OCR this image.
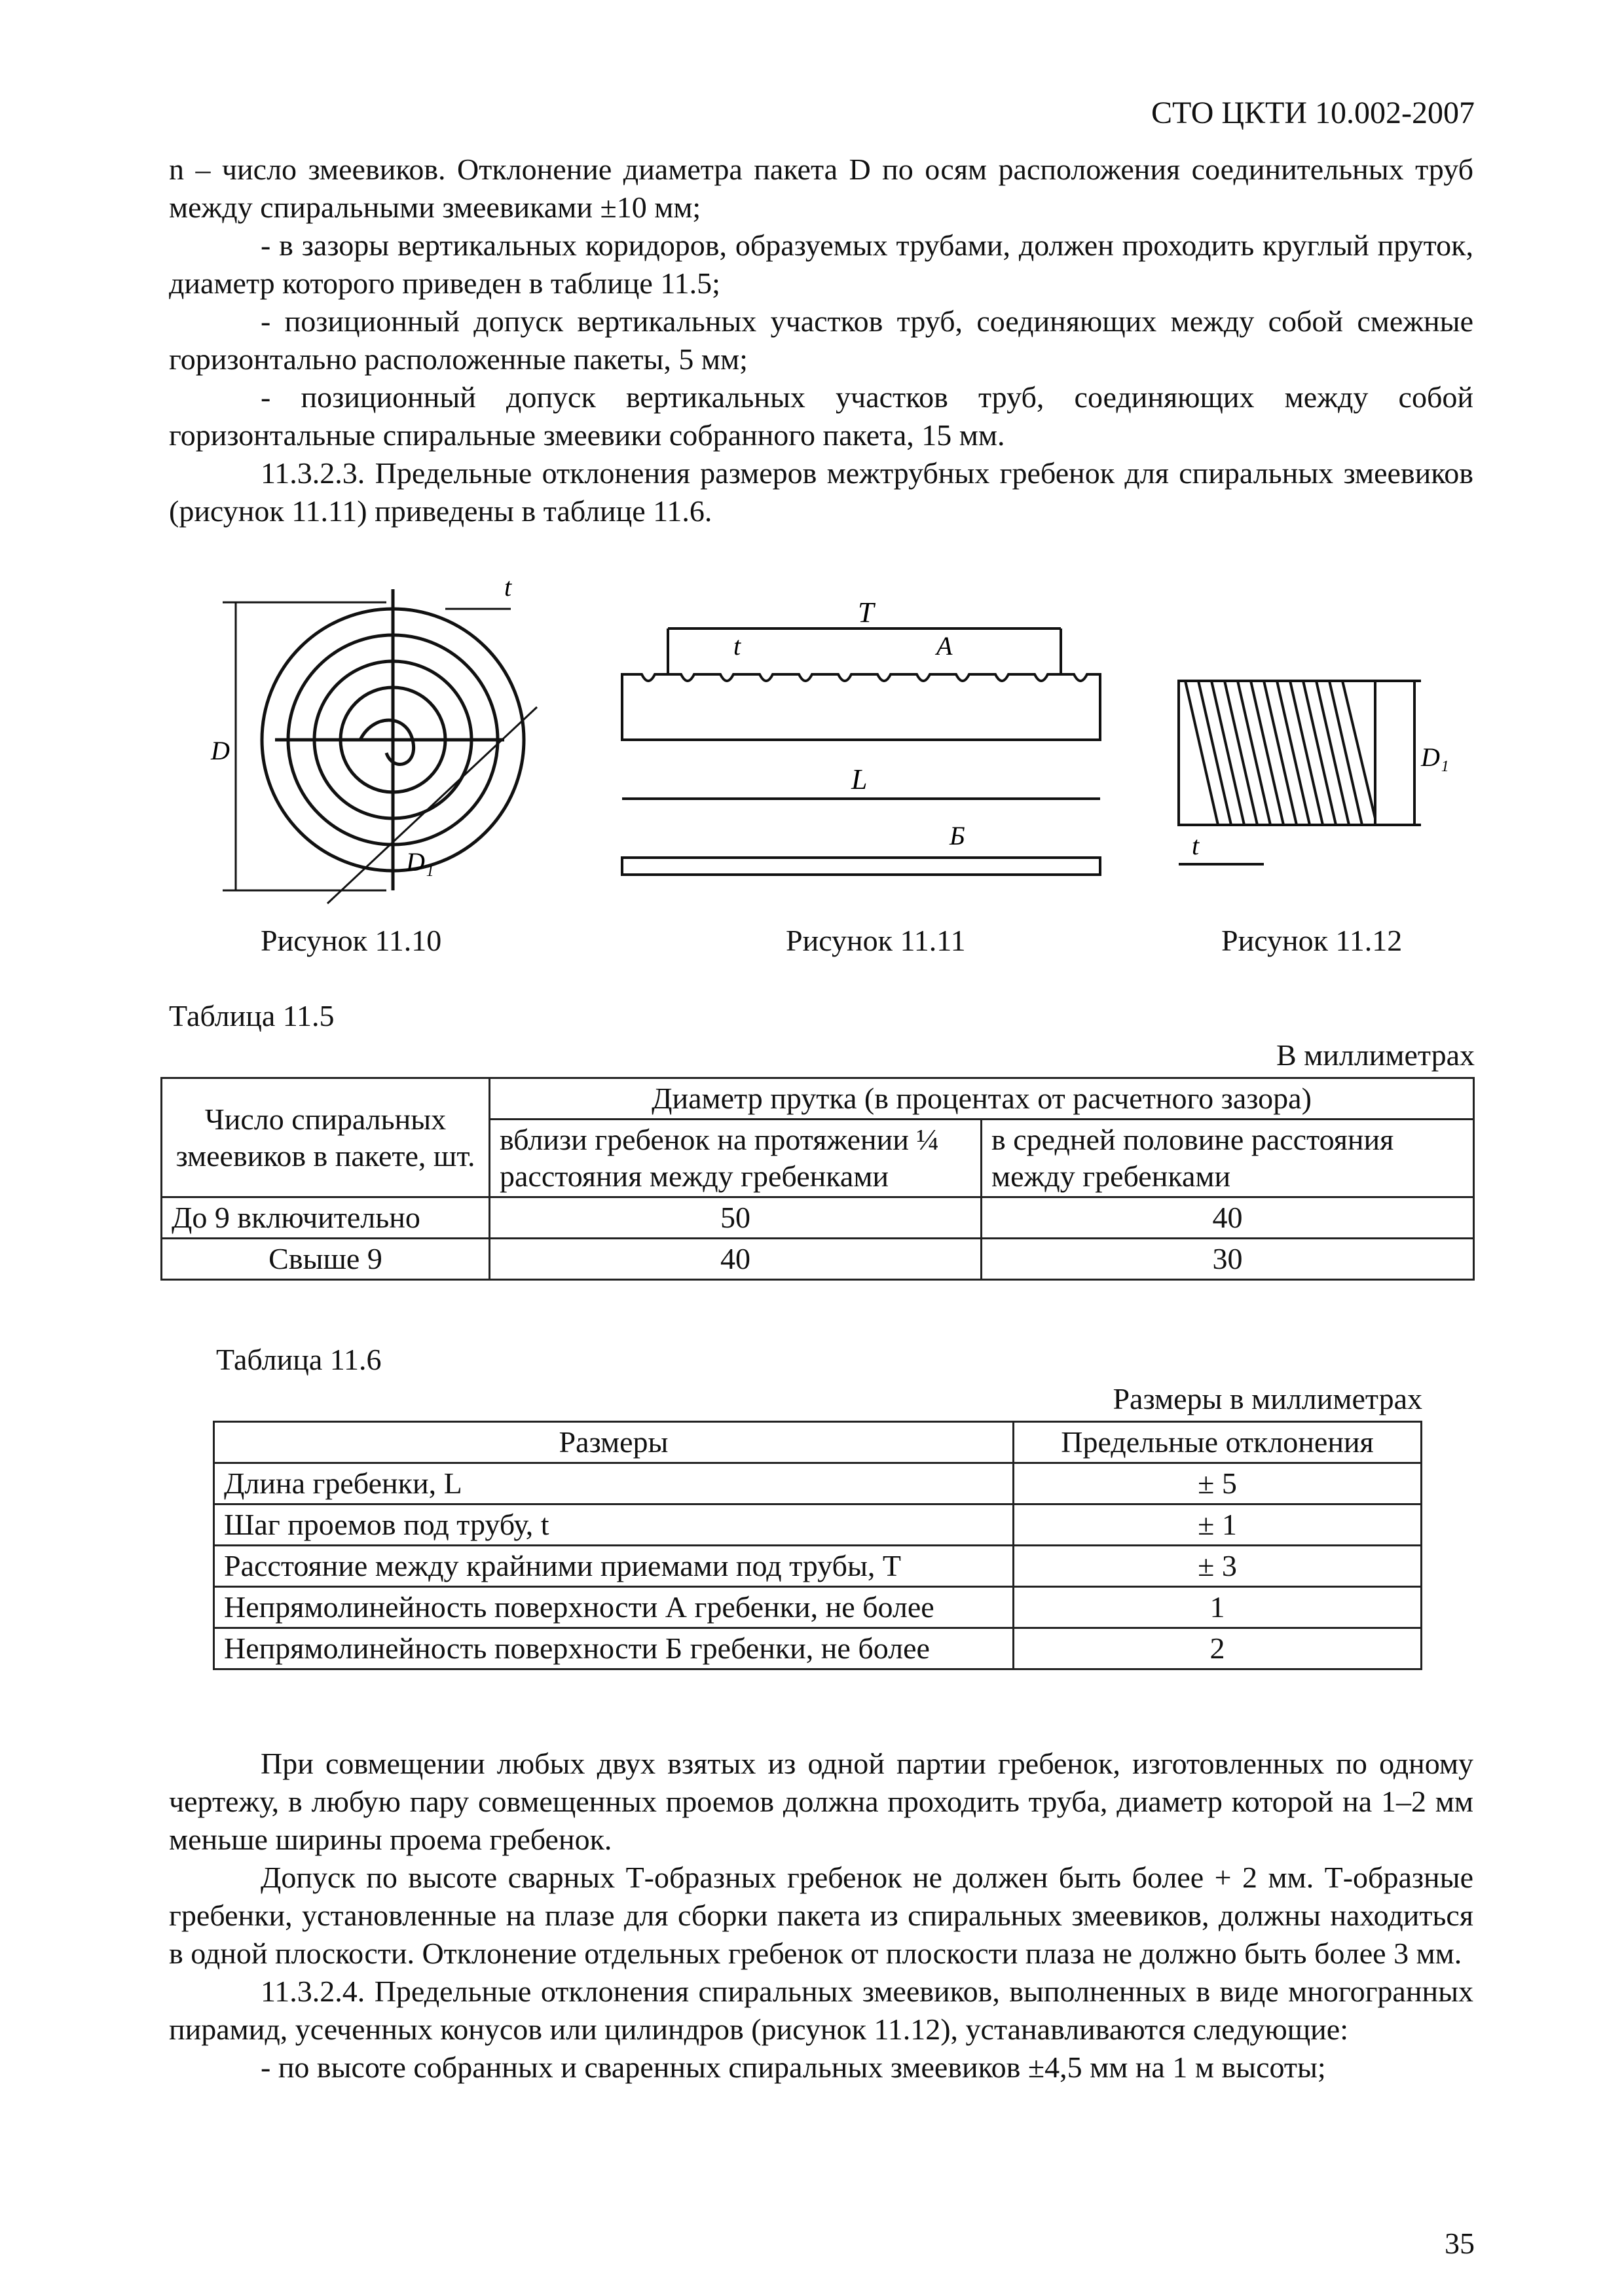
СТО ЦКТИ 10.002-2007

n – число змеевиков. Отклонение диаметра пакета D по осям расположения соединительных труб между спиральными змеевиками ±10 мм;

- в зазоры вертикальных коридоров, образуемых трубами, должен проходить круглый пруток, диаметр которого приведен в таблице 11.5;

- позиционный допуск вертикальных участков труб, соединяющих между собой смежные горизонтально расположенные пакеты, 5 мм;

- позиционный допуск вертикальных участков труб, соединяющих между собой горизонтальные спиральные змеевики собранного пакета, 15 мм.

11.3.2.3. Предельные отклонения размеров межтрубных гребенок для спиральных змеевиков (рисунок 11.11) приведены в таблице 11.6.

D
D₁
t
Рисунок 11.10
T
t	A
L
Б
Рисунок 11.11
D₁
t
Рисунок 11.12
Таблица 11.5
В миллиметрах
Число спиральных змеевиков в пакете, шт.	Диаметр прутка (в процентах от расчетного зазора)	
	вблизи гребенок на протяжении ¼ расстояния между гребенками	в средней половине расстояния между гребенками
До 9 включительно	50	40
Свыше 9	40	30
Таблица 11.6
Размеры в миллиметрах
Размеры	Предельные отклонения
Длина гребенки, L	± 5
Шаг проемов под трубу, t	± 1
Расстояние между крайними приемами под трубы, T	± 3
Непрямолинейность поверхности А гребенки, не более	1
Непрямолинейность поверхности Б гребенки, не более	2

При совмещении любых двух взятых из одной партии гребенок, изготовленных по одному чертежу, в любую пару совмещенных проемов должна проходить труба, диаметр которой на 1–2 мм меньше ширины проема гребенок.

Допуск по высоте сварных Т-образных гребенок не должен быть более + 2 мм. Т-образные гребенки, установленные на плазе для сборки пакета из спиральных змеевиков, должны находиться в одной плоскости. Отклонение отдельных гребенок от плоскости плаза не должно быть более 3 мм.

11.3.2.4. Предельные отклонения спиральных змеевиков, выполненных в виде многогранных пирамид, усеченных конусов или цилиндров (рисунок 11.12), устанавливаются следующие:

- по высоте собранных и сваренных спиральных змеевиков ±4,5 мм на 1 м высоты;

35
